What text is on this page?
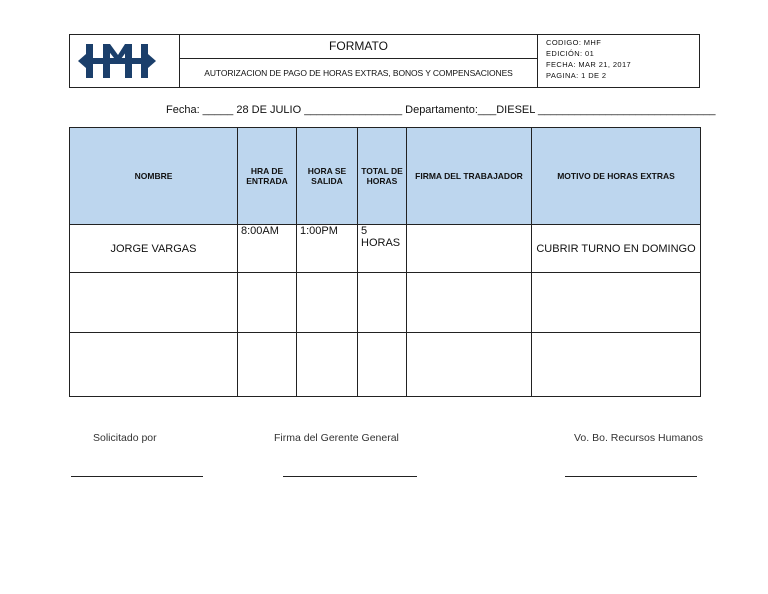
FORMATO
AUTORIZACION DE PAGO DE HORAS EXTRAS, BONOS Y COMPENSACIONES
CODIGO: MHF
EDICIÓN: 01
FECHA: MAR 21, 2017
PAGINA: 1 DE 2
Fecha: _____ 28 DE JULIO ________________ Departamento:___DIESEL _____________________________
NOMBRE	HRA DE ENTRADA	HORA SE SALIDA	TOTAL DE HORAS	FIRMA DEL TRABAJADOR	MOTIVO DE HORAS EXTRAS
JORGE VARGAS	8:00AM	1:00PM	5 HORAS		CUBRIR TURNO EN DOMINGO

Solicitado por	Firma del Gerente General	Vo. Bo. Recursos Humanos
